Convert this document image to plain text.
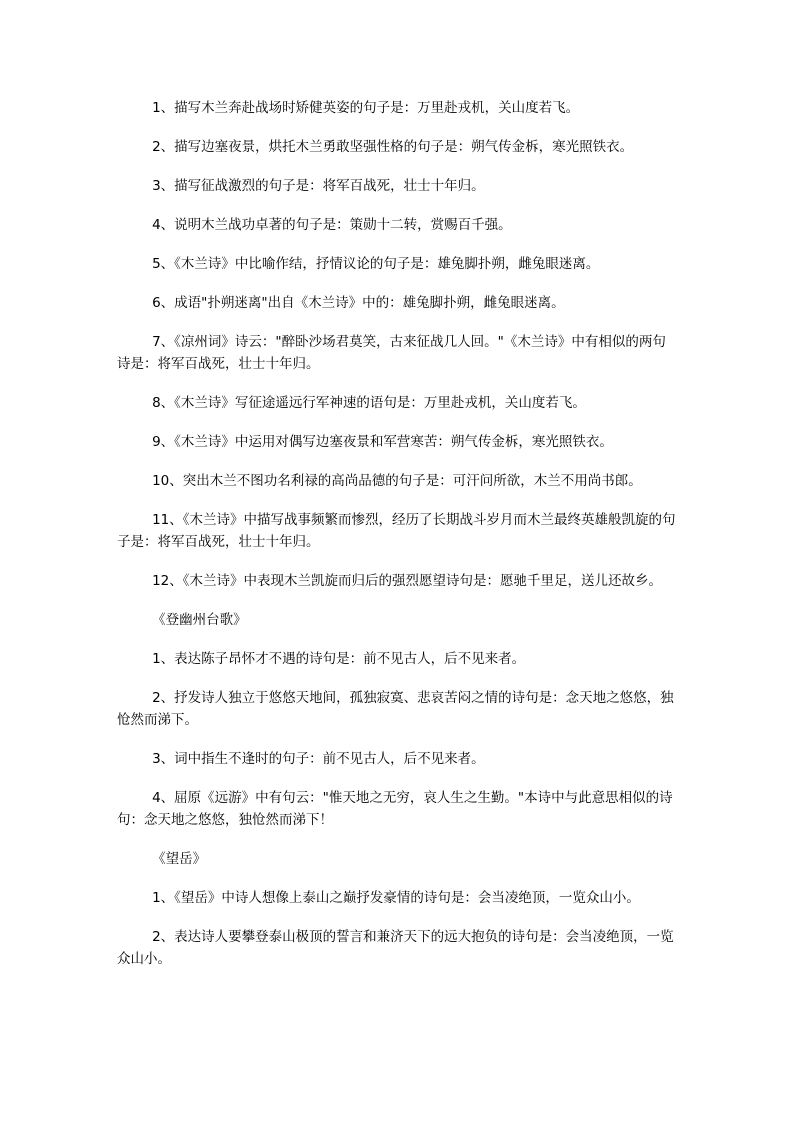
1、描写木兰奔赴战场时矫健英姿的句子是：万里赴戎机，关山度若飞。

2、描写边塞夜景，烘托木兰勇敢坚强性格的句子是：朔气传金柝，寒光照铁衣。

3、描写征战激烈的句子是：将军百战死，壮士十年归。

4、说明木兰战功卓著的句子是：策勋十二转，赏赐百千强。

5、《木兰诗》中比喻作结，抒情议论的句子是：雄兔脚扑朔，雌兔眼迷离。

6、成语"扑朔迷离"出自《木兰诗》中的：雄兔脚扑朔，雌兔眼迷离。

7、《凉州词》诗云："醉卧沙场君莫笑，古来征战几人回。"《木兰诗》中有相似的两句诗是：将军百战死，壮士十年归。

8、《木兰诗》写征途遥远行军神速的语句是：万里赴戎机，关山度若飞。

9、《木兰诗》中运用对偶写边塞夜景和军营寒苦：朔气传金柝，寒光照铁衣。

10、突出木兰不图功名利禄的高尚品德的句子是：可汗问所欲，木兰不用尚书郎。

11、《木兰诗》中描写战事频繁而惨烈，经历了长期战斗岁月而木兰最终英雄般凯旋的句子是：将军百战死，壮士十年归。

12、《木兰诗》中表现木兰凯旋而归后的强烈愿望诗句是：愿驰千里足，送儿还故乡。

《登幽州台歌》

1、表达陈子昂怀才不遇的诗句是：前不见古人，后不见来者。

2、抒发诗人独立于悠悠天地间，孤独寂寞、悲哀苦闷之情的诗句是：念天地之悠悠，独怆然而涕下。

3、词中指生不逢时的句子：前不见古人，后不见来者。

4、屈原《远游》中有句云："惟天地之无穷，哀人生之生勤。"本诗中与此意思相似的诗句：念天地之悠悠，独怆然而涕下！

《望岳》

1、《望岳》中诗人想像上泰山之巅抒发豪情的诗句是：会当凌绝顶，一览众山小。

2、表达诗人要攀登泰山极顶的誓言和兼济天下的远大抱负的诗句是：会当凌绝顶，一览众山小。
